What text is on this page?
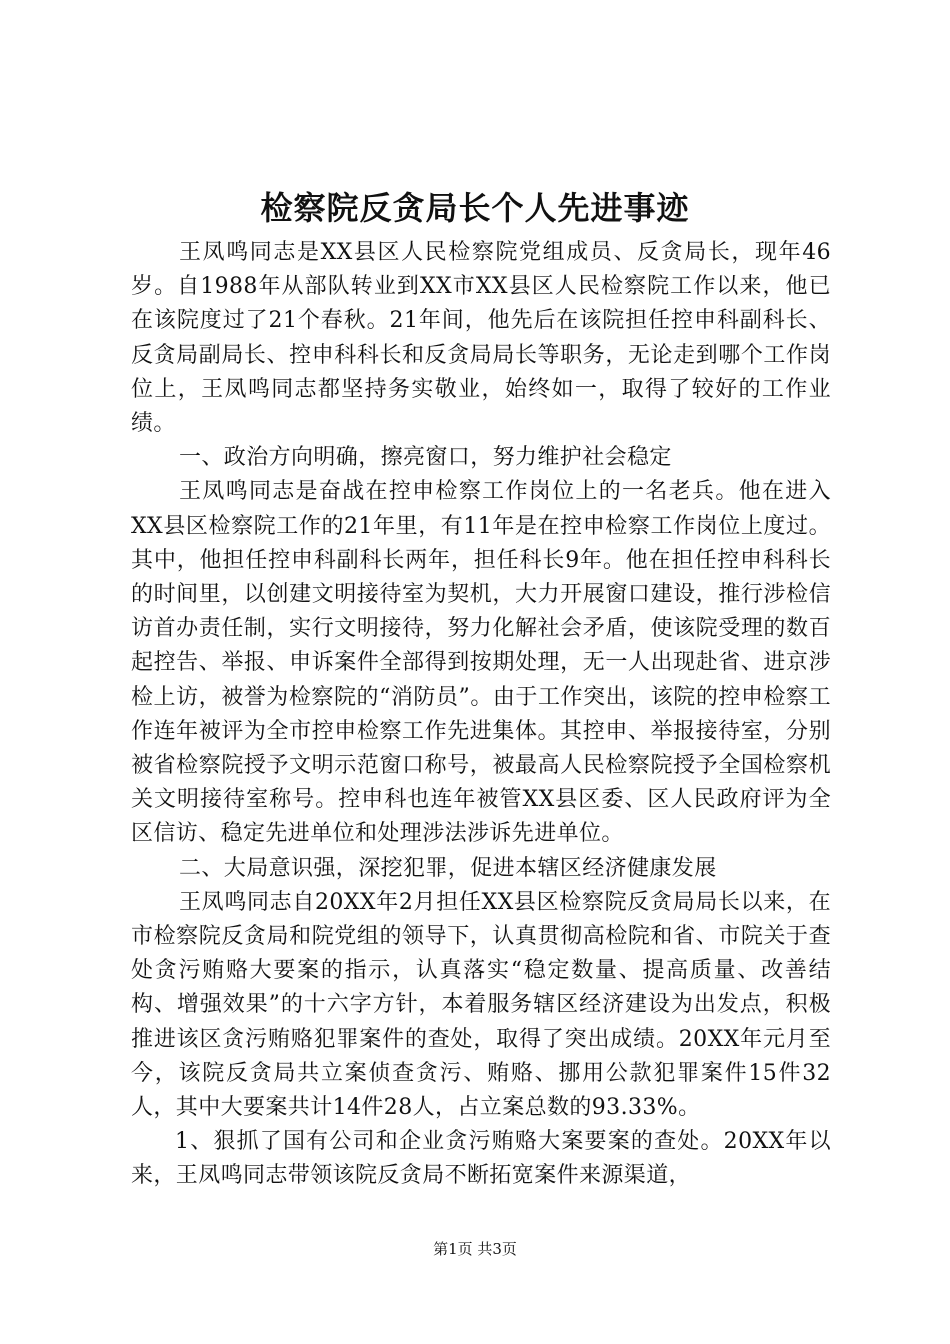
检察院反贪局长个人先进事迹

王凤鸣同志是XX县区人民检察院党组成员、反贪局长，现年46岁。自1988年从部队转业到XX市XX县区人民检察院工作以来，他已在该院度过了21个春秋。21年间，他先后在该院担任控申科副科长、反贪局副局长、控申科科长和反贪局局长等职务，无论走到哪个工作岗位上，王凤鸣同志都坚持务实敬业，始终如一，取得了较好的工作业绩。

一、政治方向明确，擦亮窗口，努力维护社会稳定

王凤鸣同志是奋战在控申检察工作岗位上的一名老兵。他在进入XX县区检察院工作的21年里，有11年是在控申检察工作岗位上度过。其中，他担任控申科副科长两年，担任科长9年。他在担任控申科科长的时间里，以创建文明接待室为契机，大力开展窗口建设，推行涉检信访首办责任制，实行文明接待，努力化解社会矛盾，使该院受理的数百起控告、举报、申诉案件全部得到按期处理，无一人出现赴省、进京涉检上访，被誉为检察院的“消防员”。由于工作突出，该院的控申检察工作连年被评为全市控申检察工作先进集体。其控申、举报接待室，分别被省检察院授予文明示范窗口称号，被最高人民检察院授予全国检察机关文明接待室称号。控申科也连年被管XX县区委、区人民政府评为全区信访、稳定先进单位和处理涉法涉诉先进单位。

二、大局意识强，深挖犯罪，促进本辖区经济健康发展

王凤鸣同志自20XX年2月担任XX县区检察院反贪局局长以来，在市检察院反贪局和院党组的领导下，认真贯彻高检院和省、市院关于查处贪污贿赂大要案的指示，认真落实“稳定数量、提高质量、改善结构、增强效果”的十六字方针，本着服务辖区经济建设为出发点，积极推进该区贪污贿赂犯罪案件的查处，取得了突出成绩。20XX年元月至今，该院反贪局共立案侦查贪污、贿赂、挪用公款犯罪案件15件32人，其中大要案共计14件28人，占立案总数的93.33%。

1、狠抓了国有公司和企业贪污贿赂大案要案的查处。20XX年以来，王凤鸣同志带领该院反贪局不断拓宽案件来源渠道，

第1页 共3页
